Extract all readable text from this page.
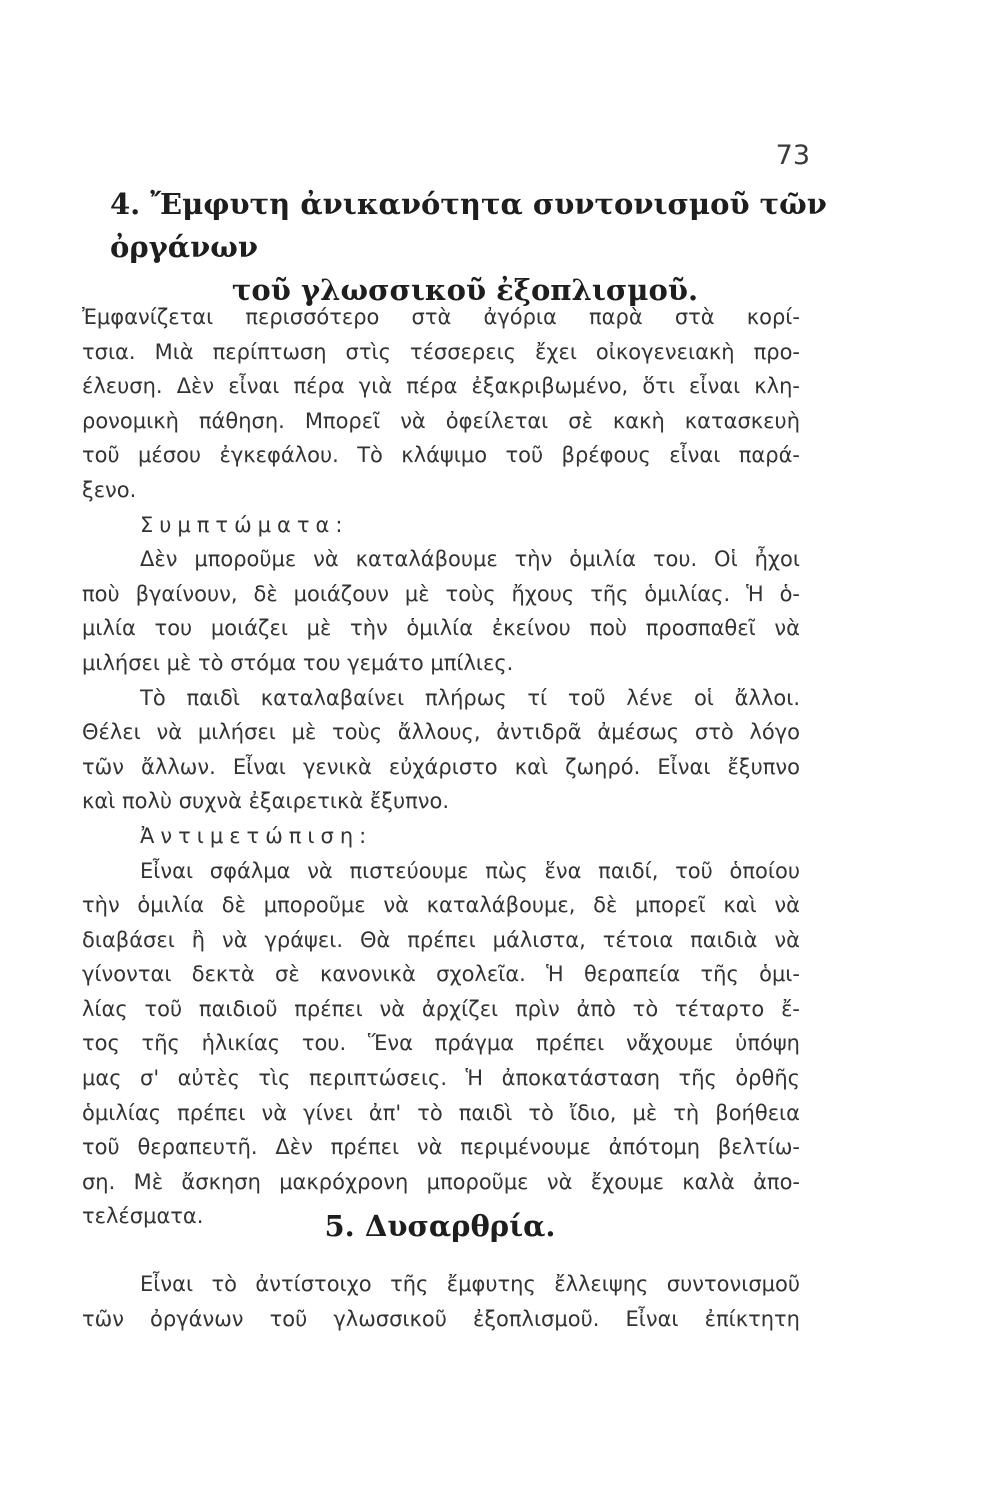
73
4. Ἔμφυτη ἀνικανότητα συντονισμοῦ τῶν ὀργάνων
τοῦ γλωσσικοῦ ἐξοπλισμοῦ.
Ἐμφανίζεται περισσότερο στὰ ἀγόρια παρὰ στὰ κορί-
τσια. Μιὰ περίπτωση στὶς τέσσερεις ἔχει οἰκογενειακὴ προ-
έλευση. Δὲν εἶναι πέρα γιὰ πέρα ἐξακριβωμένο, ὅτι εἶναι κλη-
ρονομικὴ πάθηση. Μπορεῖ νὰ ὀφείλεται σὲ κακὴ κατασκευὴ
τοῦ μέσου ἐγκεφάλου. Τὸ κλάψιμο τοῦ βρέφους εἶναι παρά-
ξενο.
Συμπτώματα:
Δὲν μποροῦμε νὰ καταλάβουμε τὴν ὁμιλία του. Οἱ ἦχοι
ποὺ βγαίνουν, δὲ μοιάζουν μὲ τοὺς ἤχους τῆς ὁμιλίας. Ἡ ὁ-
μιλία του μοιάζει μὲ τὴν ὁμιλία ἐκείνου ποὺ προσπαθεῖ νὰ
μιλήσει μὲ τὸ στόμα του γεμάτο μπίλιες.
Τὸ παιδὶ καταλαβαίνει πλήρως τί τοῦ λένε οἱ ἄλλοι.
Θέλει νὰ μιλήσει μὲ τοὺς ἄλλους, ἀντιδρᾶ ἀμέσως στὸ λόγο
τῶν ἄλλων. Εἶναι γενικὰ εὐχάριστο καὶ ζωηρό. Εἶναι ἔξυπνο
καὶ πολὺ συχνὰ ἐξαιρετικὰ ἔξυπνο.
Ἀντιμετώπιση:
Εἶναι σφάλμα νὰ πιστεύουμε πὼς ἕνα παιδί, τοῦ ὁποίου
τὴν ὁμιλία δὲ μποροῦμε νὰ καταλάβουμε, δὲ μπορεῖ καὶ νὰ
διαβάσει ἢ νὰ γράψει. Θὰ πρέπει μάλιστα, τέτοια παιδιὰ νὰ
γίνονται δεκτὰ σὲ κανονικὰ σχολεῖα. Ἡ θεραπεία τῆς ὁμι-
λίας τοῦ παιδιοῦ πρέπει νὰ ἀρχίζει πρὶν ἀπὸ τὸ τέταρτο ἔ-
τος τῆς ἡλικίας του. Ἕνα πράγμα πρέπει νἄχουμε ὑπόψη
μας σ' αὐτὲς τὶς περιπτώσεις. Ἡ ἀποκατάσταση τῆς ὀρθῆς
ὁμιλίας πρέπει νὰ γίνει ἀπ' τὸ παιδὶ τὸ ἴδιο, μὲ τὴ βοήθεια
τοῦ θεραπευτῆ. Δὲν πρέπει νὰ περιμένουμε ἀπότομη βελτίω-
ση. Μὲ ἄσκηση μακρόχρονη μποροῦμε νὰ ἔχουμε καλὰ ἀπο-
τελέσματα.	5. Δυσαρθρία.
Εἶναι τὸ ἀντίστοιχο τῆς ἔμφυτης ἔλλειψης συντονισμοῦ
τῶν ὀργάνων τοῦ γλωσσικοῦ ἐξοπλισμοῦ. Εἶναι ἐπίκτητη
